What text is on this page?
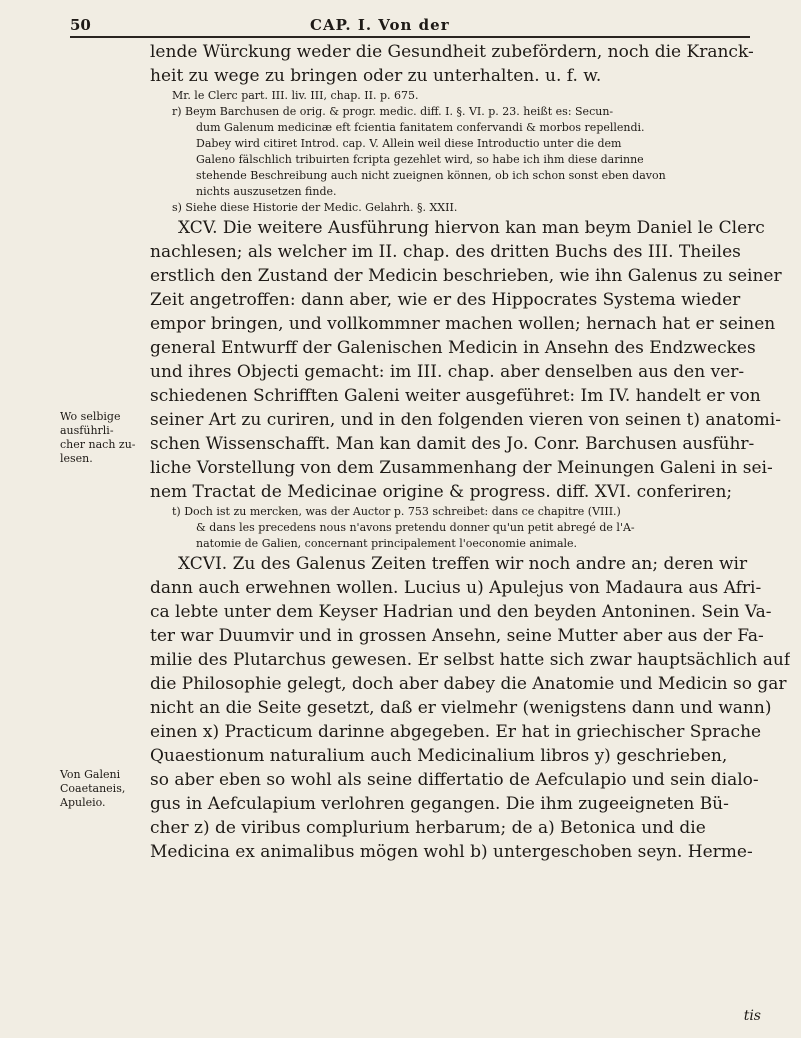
50	CAP. I. Von der
Wo selbige
ausführli-
cher nach zu-
lesen.
Von Galeni
Coaetaneis,
Apuleio.

lende Würckung weder die Gesundheit zubefördern, noch die Kranck-

heit zu wege zu bringen oder zu unterhalten. u. f. w.

Mr. le Clerc part. III. liv. III, chap. II. p. 675.

r) Beym Barchusen de orig. & progr. medic. diff. I. §. VI. p. 23. heißt es: Secun-

dum Galenum medicinæ eft fcientia fanitatem confervandi & morbos repellendi.

Dabey wird citiret Introd. cap. V. Allein weil diese Introductio unter die dem

Galeno fälschlich tribuirten fcripta gezehlet wird, so habe ich ihm diese darinne

stehende Beschreibung auch nicht zueignen können, ob ich schon sonst eben davon

nichts auszusetzen finde.

s) Siehe diese Historie der Medic. Gelahrh. §. XXII.

XCV. Die weitere Ausführung hiervon kan man beym Daniel le Clerc

nachlesen; als welcher im II. chap. des dritten Buchs des III. Theiles

erstlich den Zustand der Medicin beschrieben, wie ihn Galenus zu seiner

Zeit angetroffen: dann aber, wie er des Hippocrates Systema wieder

empor bringen, und vollkommner machen wollen; hernach hat er seinen

general Entwurff der Galenischen Medicin in Ansehn des Endzweckes

und ihres Objecti gemacht: im III. chap. aber denselben aus den ver-

schiedenen Schrifften Galeni weiter ausgeführet: Im IV. handelt er von

seiner Art zu curiren, und in den folgenden vieren von seinen t) anatomi-

schen Wissenschafft. Man kan damit des Jo. Conr. Barchusen ausführ-

liche Vorstellung von dem Zusammenhang der Meinungen Galeni in sei-

nem Tractat de Medicinae origine & progress. diff. XVI. conferiren;

t) Doch ist zu mercken, was der Auctor p. 753 schreibet: dans ce chapitre (VIII.)

& dans les precedens nous n'avons pretendu donner qu'un petit abregé de l'A-

natomie de Galien, concernant principalement l'oeconomie animale.

XCVI. Zu des Galenus Zeiten treffen wir noch andre an; deren wir

dann auch erwehnen wollen. Lucius u) Apulejus von Madaura aus Afri-

ca lebte unter dem Keyser Hadrian und den beyden Antoninen. Sein Va-

ter war Duumvir und in grossen Ansehn, seine Mutter aber aus der Fa-

milie des Plutarchus gewesen. Er selbst hatte sich zwar hauptsächlich auf

die Philosophie gelegt, doch aber dabey die Anatomie und Medicin so gar

nicht an die Seite gesetzt, daß er vielmehr (wenigstens dann und wann)

einen x) Practicum darinne abgegeben. Er hat in griechischer Sprache

Quaestionum naturalium auch Medicinalium libros y) geschrieben,

so aber eben so wohl als seine differtatio de Aefculapio und sein dialo-

gus in Aefculapium verlohren gegangen. Die ihm zugeeigneten Bü-

cher z) de viribus complurium herbarum; de a) Betonica und die

Medicina ex animalibus mögen wohl b) untergeschoben seyn. Herme-

tis
